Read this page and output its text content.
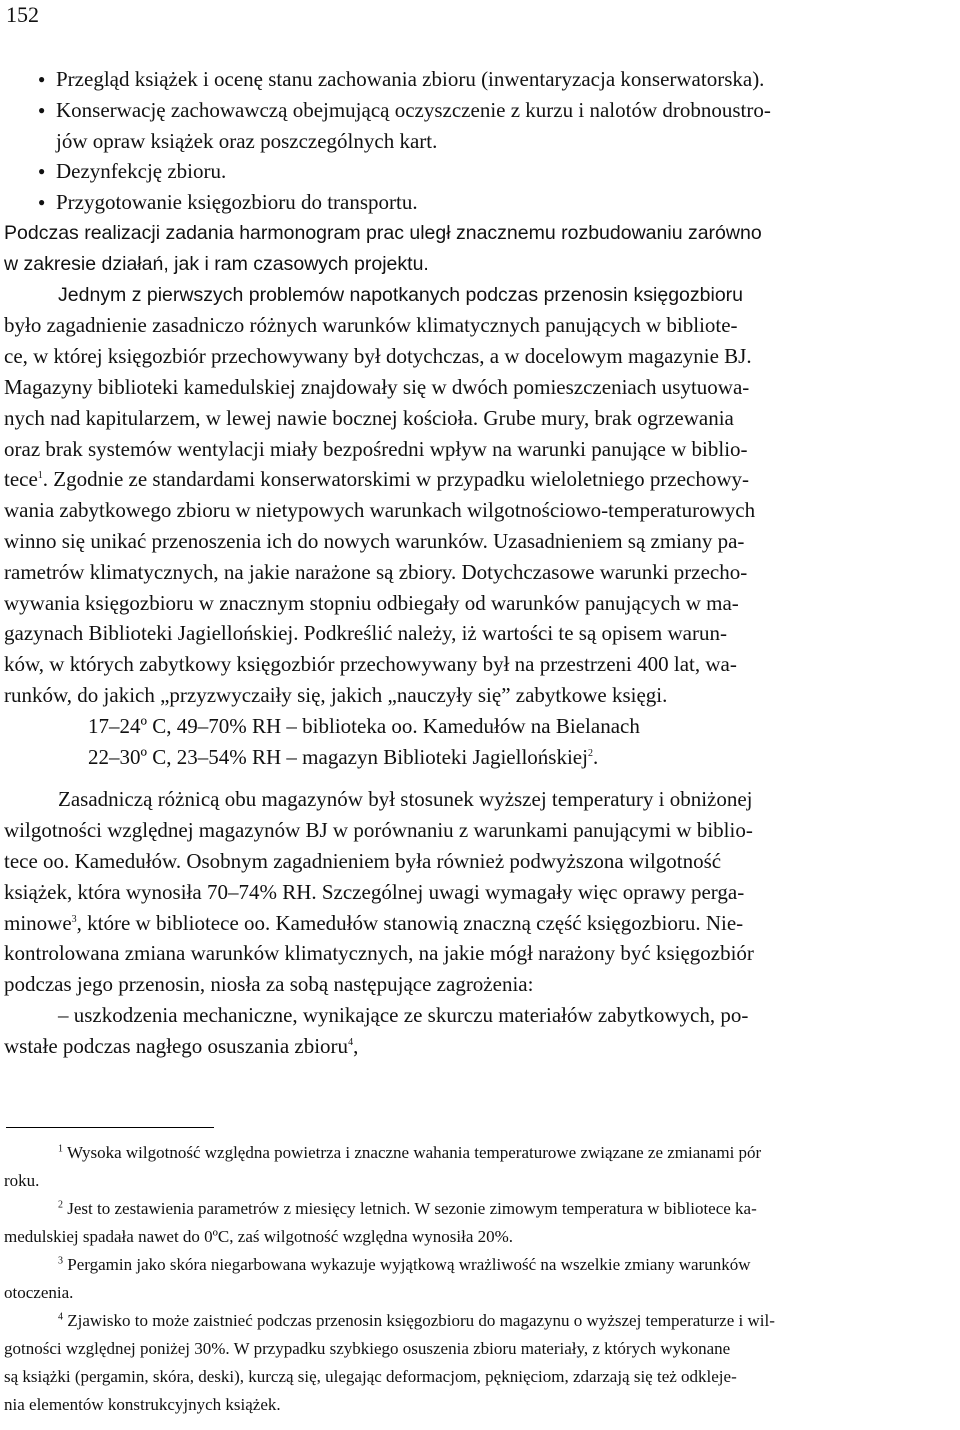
152
● Przegląd książek i ocenę stanu zachowania zbioru (inwentaryzacja konserwatorska).
● Konserwację zachowawczą obejmującą oczyszczenie z kurzu i nalotów drobnoustro-
jów opraw książek oraz poszczególnych kart.
● Dezynfekcję zbioru.
● Przygotowanie księgozbioru do transportu.
Podczas realizacji zadania harmonogram prac uległ znacznemu rozbudowaniu zarówno
w zakresie działań, jak i ram czasowych projektu.
Jednym z pierwszych problemów napotkanych podczas przenosin księgozbioru
było zagadnienie zasadniczo różnych warunków klimatycznych panujących w bibliote-
ce, w której księgozbiór przechowywany był dotychczas, a w docelowym magazynie BJ.
Magazyny biblioteki kamedulskiej znajdowały się w dwóch pomieszczeniach usytuowa-
nych nad kapitularzem, w lewej nawie bocznej kościoła. Grube mury, brak ogrzewania
oraz brak systemów wentylacji miały bezpośredni wpływ na warunki panujące w biblio-
tece$^1$. Zgodnie ze standardami konserwatorskimi w przypadku wieloletniego przechowy-
wania zabytkowego zbioru w nietypowych warunkach wilgotnościowo-temperaturowych
winno się unikać przenoszenia ich do nowych warunków. Uzasadnieniem są zmiany pa-
rametrów klimatycznych, na jakie narażone są zbiory. Dotychczasowe warunki przecho-
wywania księgozbioru w znacznym stopniu odbiegały od warunków panujących w ma-
gazynach Biblioteki Jagiellońskiej. Podkreślić należy, iż wartości te są opisem warun-
ków, w których zabytkowy księgozbiór przechowywany był na przestrzeni 400 lat, wa-
runków, do jakich „przyzwyczaiły się, jakich „nauczyły się” zabytkowe księgi.
17–24º C, 49–70% RH – biblioteka oo. Kamedułów na Bielanach
22–30º C, 23–54% RH – magazyn Biblioteki Jagiellońskiej$^2$.
Zasadniczą różnicą obu magazynów był stosunek wyższej temperatury i obniżonej
wilgotności względnej magazynów BJ w porównaniu z warunkami panującymi w biblio-
tece oo. Kamedułów. Osobnym zagadnieniem była również podwyższona wilgotność
książek, która wynosiła 70–74% RH. Szczególnej uwagi wymagały więc oprawy perga-
minowe$^3$, które w bibliotece oo. Kamedułów stanowią znaczną część księgozbioru. Nie-
kontrolowana zmiana warunków klimatycznych, na jakie mógł narażony być księgozbiór
podczas jego przenosin, niosła za sobą następujące zagrożenia:
– uszkodzenia mechaniczne, wynikające ze skurczu materiałów zabytkowych, po-
wstałe podczas nagłego osuszania zbioru$^4$,
$^1$ Wysoka wilgotność względna powietrza i znaczne wahania temperaturowe związane ze zmianami pór
roku.
$^2$ Jest to zestawienia parametrów z miesięcy letnich. W sezonie zimowym temperatura w bibliotece ka-
medulskiej spadała nawet do 0ºC, zaś wilgotność względna wynosiła 20%.
$^3$ Pergamin jako skóra niegarbowana wykazuje wyjątkową wrażliwość na wszelkie zmiany warunków
otoczenia.
$^4$ Zjawisko to może zaistnieć podczas przenosin księgozbioru do magazynu o wyższej temperaturze i wil-
gotności względnej poniżej 30%. W przypadku szybkiego osuszenia zbioru materiały, z których wykonane
są książki (pergamin, skóra, deski), kurczą się, ulegając deformacjom, pęknięciom, zdarzają się też odkleje-
nia elementów konstrukcyjnych książek.
